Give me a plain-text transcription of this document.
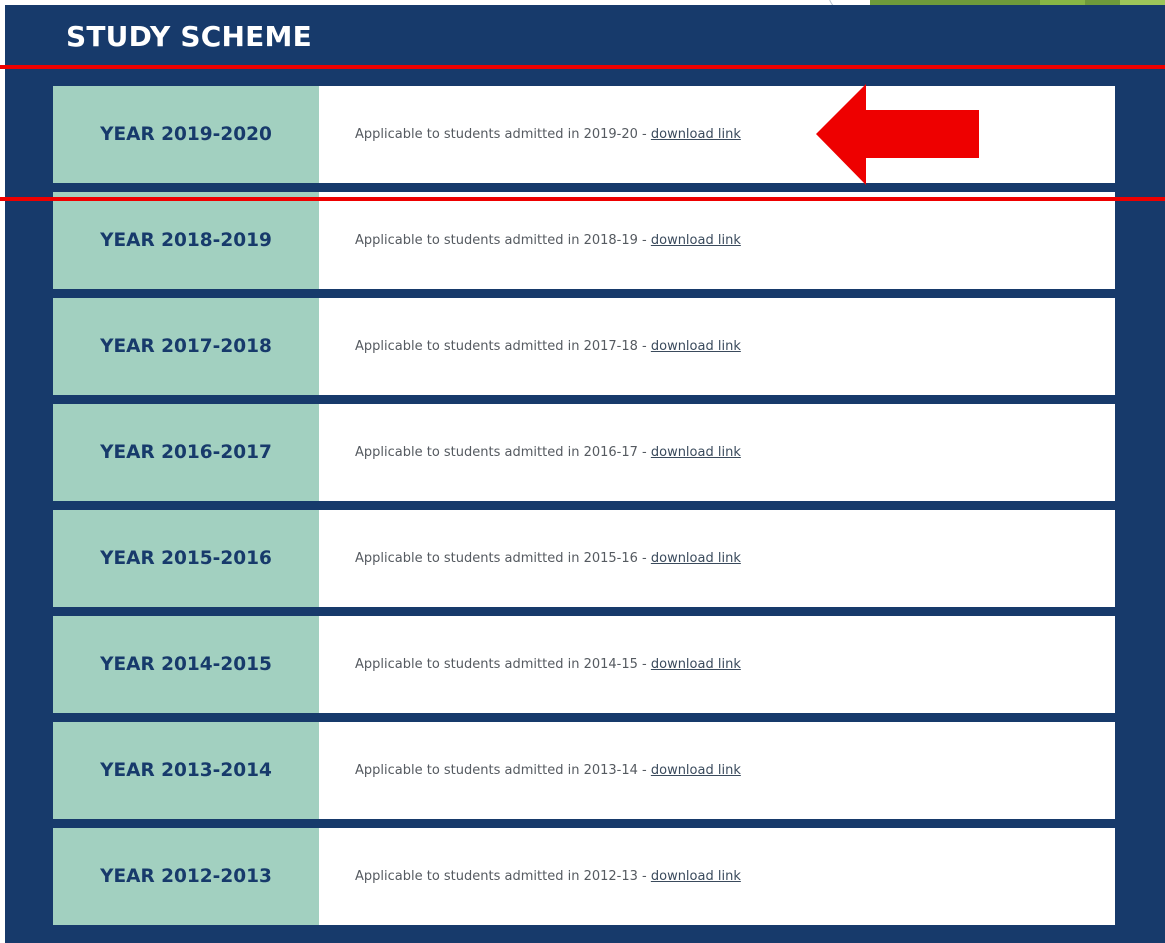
STUDY SCHEME
YEAR 2019-2020	Applicable to students admitted in 2019-20 - download link
YEAR 2018-2019	Applicable to students admitted in 2018-19 - download link
YEAR 2017-2018	Applicable to students admitted in 2017-18 - download link
YEAR 2016-2017	Applicable to students admitted in 2016-17 - download link
YEAR 2015-2016	Applicable to students admitted in 2015-16 - download link
YEAR 2014-2015	Applicable to students admitted in 2014-15 - download link
YEAR 2013-2014	Applicable to students admitted in 2013-14 - download link
YEAR 2012-2013	Applicable to students admitted in 2012-13 - download link
